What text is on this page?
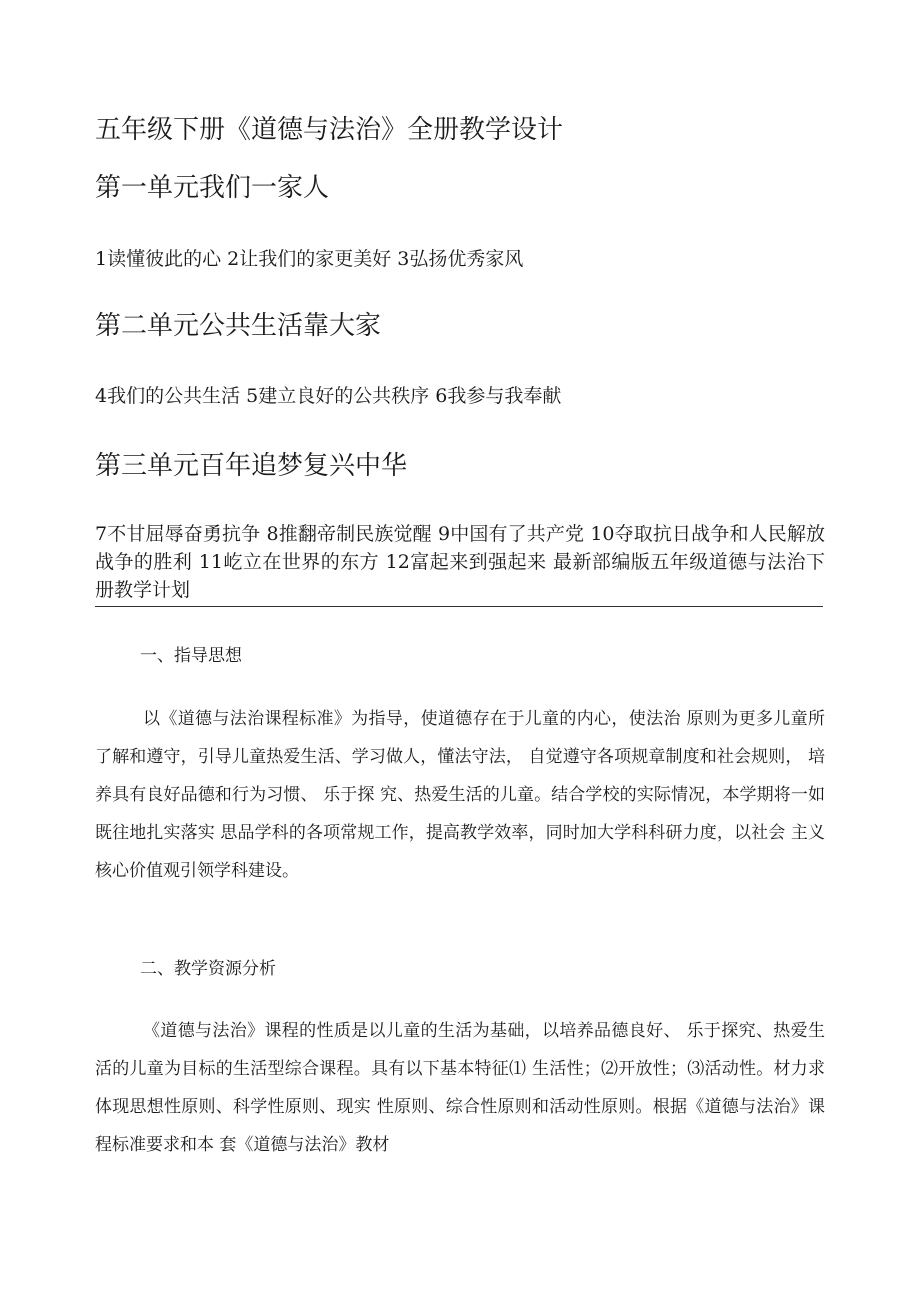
五年级下册《道德与法治》全册教学设计
第一单元我们一家人

1读懂彼此的心 2让我们的家更美好 3弘扬优秀家风

第二单元公共生活靠大家

4我们的公共生活 5建立良好的公共秩序 6我参与我奉献

第三单元百年追梦复兴中华

7不甘屈辱奋勇抗争 8推翻帝制民族觉醒 9中国有了共产党 10夺取抗日战争和人民解放战争的胜利 11屹立在世界的东方 12富起来到强起来 最新部编版五年级道德与法治下册教学计划

一、指导思想

以《道德与法治课程标准》为指导，使道德存在于儿童的内心，使法治 原则为更多儿童所了解和遵守，引导儿童热爱生活、学习做人，懂法守法， 自觉遵守各项规章制度和社会规则， 培养具有良好品德和行为习惯、 乐于探 究、热爱生活的儿童。结合学校的实际情况，本学期将一如既往地扎实落实 思品学科的各项常规工作，提高教学效率，同时加大学科科研力度，以社会 主义核心价值观引领学科建设。

二、教学资源分析

《道德与法治》课程的性质是以儿童的生活为基础，以培养品德良好、 乐于探究、热爱生活的儿童为目标的生活型综合课程。具有以下基本特征⑴ 生活性；⑵开放性；⑶活动性。材力求体现思想性原则、科学性原则、现实 性原则、综合性原则和活动性原则。根据《道德与法治》课程标准要求和本 套《道德与法治》教材
